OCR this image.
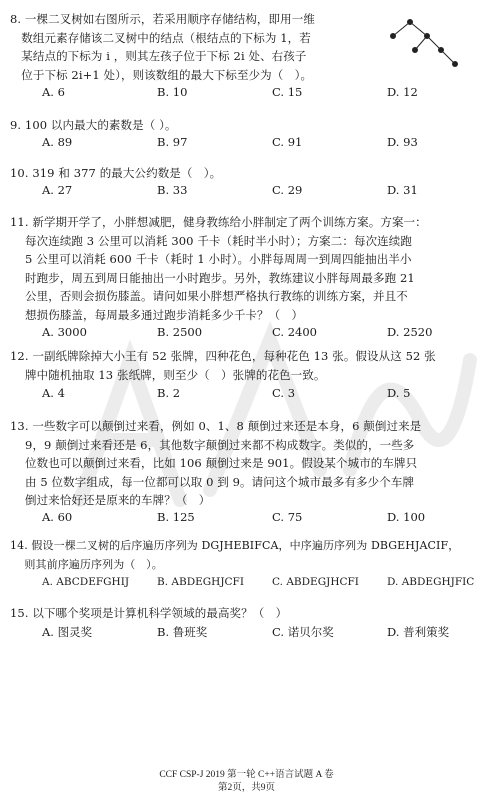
8. 一棵二叉树如右图所示，若采用顺序存储结构，即用一维
数组元素存储该二叉树中的结点（根结点的下标为 1，若
某结点的下标为 i ，则其左孩子位于下标 2i 处、右孩子
位于下标 2i+1 处），则该数组的最大下标至少为（   ）。
A. 6	B. 10	C. 15	D. 12
9. 100 以内最大的素数是（ ）。
A. 89	B. 97	C. 91	D. 93
10. 319 和 377 的最大公约数是（   ）。
A. 27	B. 33	C. 29	D. 31
11. 新学期开学了，小胖想减肥，健身教练给小胖制定了两个训练方案。方案一：
每次连续跑 3 公里可以消耗 300 千卡（耗时半小时）；方案二：每次连续跑
5 公里可以消耗 600 千卡（耗时 1 小时）。小胖每周周一到周四能抽出半小
时跑步，周五到周日能抽出一小时跑步。另外，教练建议小胖每周最多跑 21
公里，否则会损伤膝盖。请问如果小胖想严格执行教练的训练方案，并且不
想损伤膝盖，每周最多通过跑步消耗多少千卡？（   ）
A. 3000	B. 2500	C. 2400	D. 2520
12. 一副纸牌除掉大小王有 52 张牌，四种花色，每种花色 13 张。假设从这 52 张
牌中随机抽取 13 张纸牌，则至少（   ）张牌的花色一致。
A. 4	B. 2	C. 3	D. 5
13. 一些数字可以颠倒过来看，例如 0、1、8 颠倒过来还是本身，6 颠倒过来是
9，9 颠倒过来看还是 6，其他数字颠倒过来都不构成数字。类似的，一些多
位数也可以颠倒过来看，比如 106 颠倒过来是 901。假设某个城市的车牌只
由 5 位数字组成，每一位都可以取 0 到 9。请问这个城市最多有多少个车牌
倒过来恰好还是原来的车牌？（   ）
A. 60	B. 125	C. 75	D. 100
14. 假设一棵二叉树的后序遍历序列为 DGJHEBIFCA，中序遍历序列为 DBGEHJACIF，
则其前序遍历序列为（   ）。
A. ABCDEFGHIJ	B. ABDEGHJCFI	C. ABDEGJHCFI	D. ABDEGHJFIC
15. 以下哪个奖项是计算机科学领域的最高奖？（   ）
A. 图灵奖	B. 鲁班奖	C. 诺贝尔奖	D. 普利策奖
CCF CSP-J 2019 第一轮 C++语言试题 A 卷
第2页，共9页
